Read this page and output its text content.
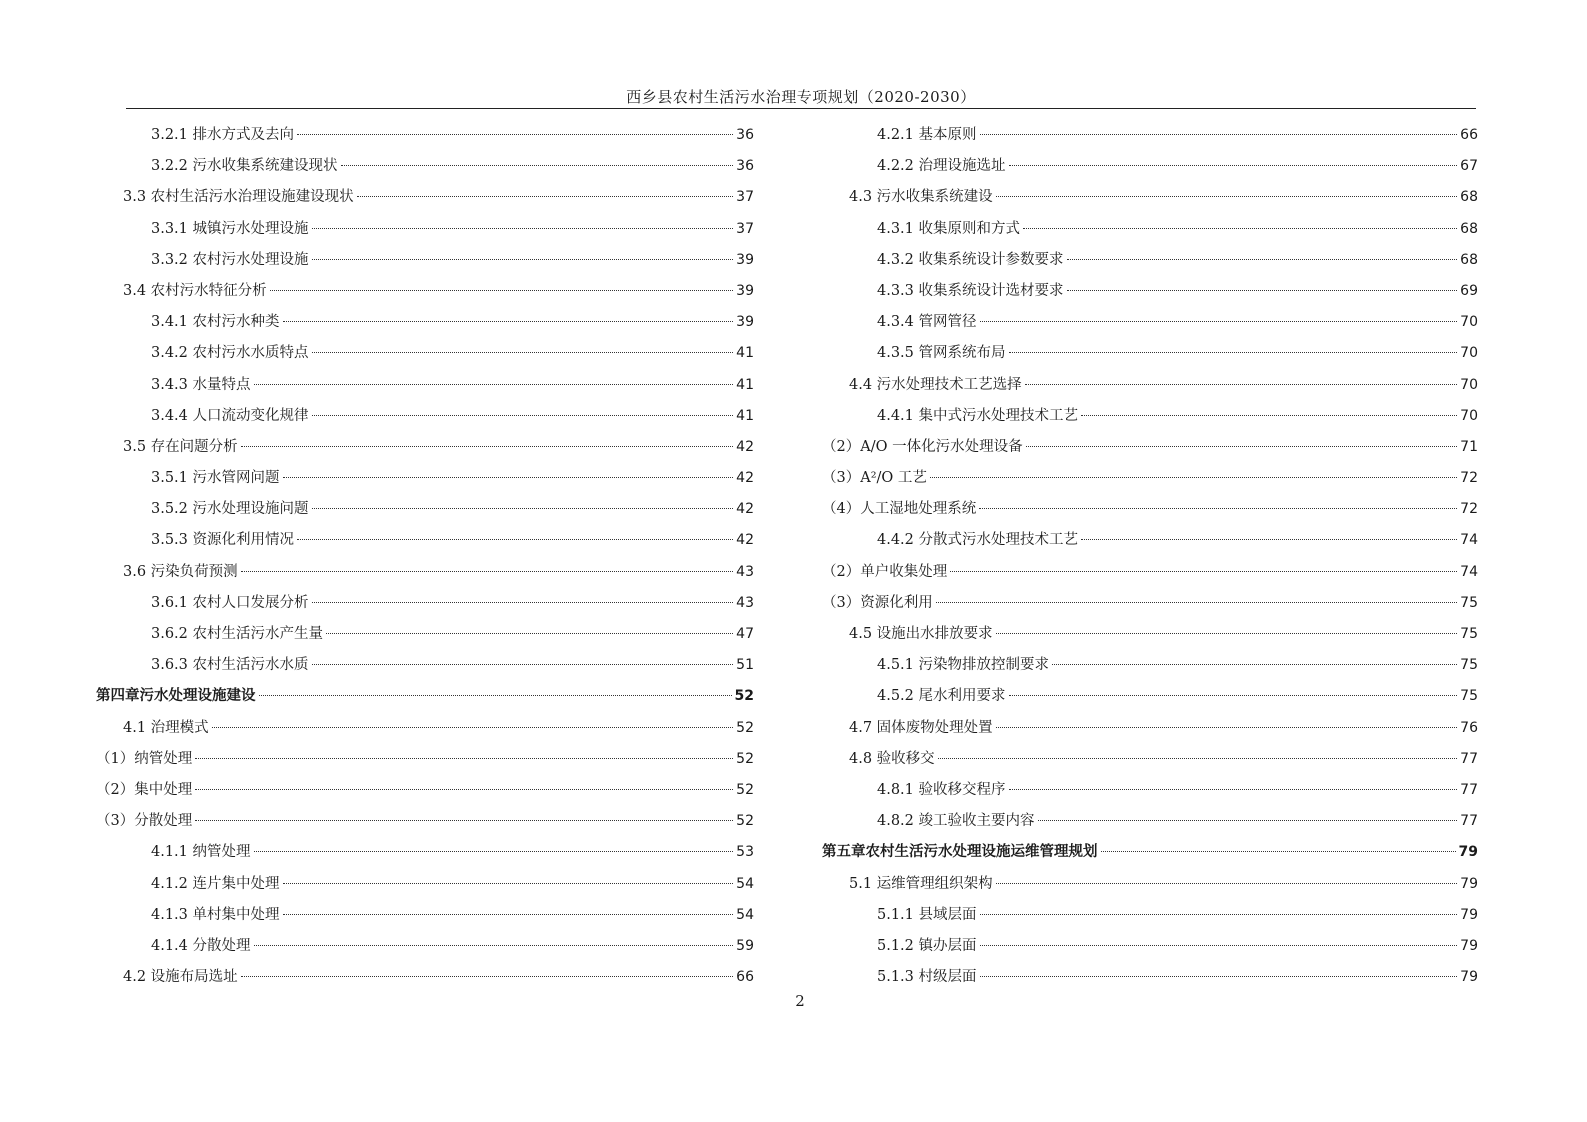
西乡县农村生活污水治理专项规划（2020-2030）
3.2.1 排水方式及去向	36
3.2.2 污水收集系统建设现状	36
3.3 农村生活污水治理设施建设现状	37
3.3.1 城镇污水处理设施	37
3.3.2 农村污水处理设施	39
3.4 农村污水特征分析	39
3.4.1 农村污水种类	39
3.4.2 农村污水水质特点	41
3.4.3 水量特点	41
3.4.4 人口流动变化规律	41
3.5 存在问题分析	42
3.5.1 污水管网问题	42
3.5.2 污水处理设施问题	42
3.5.3 资源化利用情况	42
3.6 污染负荷预测	43
3.6.1 农村人口发展分析	43
3.6.2 农村生活污水产生量	47
3.6.3 农村生活污水水质	51
第四章污水处理设施建设	52
4.1 治理模式	52
（1）纳管处理	52
（2）集中处理	52
（3）分散处理	52
4.1.1 纳管处理	53
4.1.2 连片集中处理	54
4.1.3 单村集中处理	54
4.1.4 分散处理	59
4.2 设施布局选址	66
4.2.1 基本原则	66
4.2.2 治理设施选址	67
4.3 污水收集系统建设	68
4.3.1 收集原则和方式	68
4.3.2 收集系统设计参数要求	68
4.3.3 收集系统设计选材要求	69
4.3.4 管网管径	70
4.3.5 管网系统布局	70
4.4 污水处理技术工艺选择	70
4.4.1 集中式污水处理技术工艺	70
（2）A/O 一体化污水处理设备	71
（3）A²/O 工艺	72
（4）人工湿地处理系统	72
4.4.2 分散式污水处理技术工艺	74
（2）单户收集处理	74
（3）资源化利用	75
4.5 设施出水排放要求	75
4.5.1 污染物排放控制要求	75
4.5.2 尾水利用要求	75
4.7 固体废物处理处置	76
4.8 验收移交	77
4.8.1 验收移交程序	77
4.8.2 竣工验收主要内容	77
第五章农村生活污水处理设施运维管理规划	79
5.1 运维管理组织架构	79
5.1.1 县域层面	79
5.1.2 镇办层面	79
5.1.3 村级层面	79
2
